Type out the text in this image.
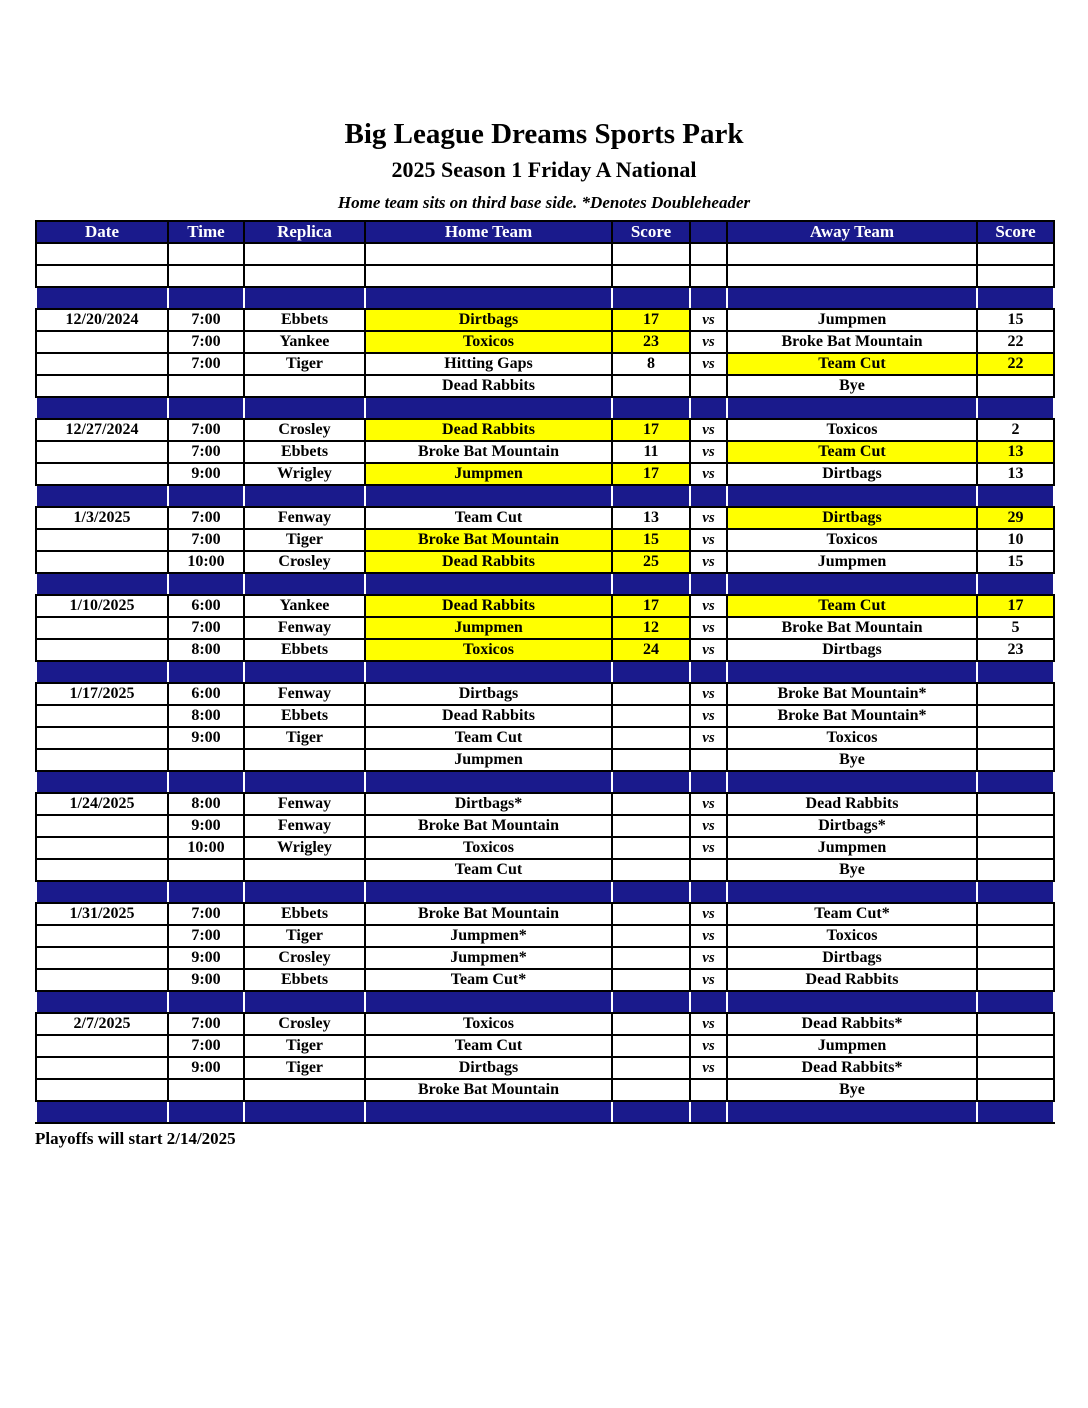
Big League Dreams Sports Park
2025 Season 1 Friday A National
Home team sits on third base side. *Denotes Doubleheader
Date	Time	Replica	Home Team	Score		Away Team	Score

12/20/2024	7:00	Ebbets	Dirtbags	17	vs	Jumpmen	15
	7:00	Yankee	Toxicos	23	vs	Broke Bat Mountain	22
	7:00	Tiger	Hitting Gaps	8	vs	Team Cut	22
			Dead Rabbits			Bye	

12/27/2024	7:00	Crosley	Dead Rabbits	17	vs	Toxicos	2
	7:00	Ebbets	Broke Bat Mountain	11	vs	Team Cut	13
	9:00	Wrigley	Jumpmen	17	vs	Dirtbags	13

1/3/2025	7:00	Fenway	Team Cut	13	vs	Dirtbags	29
	7:00	Tiger	Broke Bat Mountain	15	vs	Toxicos	10
	10:00	Crosley	Dead Rabbits	25	vs	Jumpmen	15

1/10/2025	6:00	Yankee	Dead Rabbits	17	vs	Team Cut	17
	7:00	Fenway	Jumpmen	12	vs	Broke Bat Mountain	5
	8:00	Ebbets	Toxicos	24	vs	Dirtbags	23

1/17/2025	6:00	Fenway	Dirtbags		vs	Broke Bat Mountain*	
	8:00	Ebbets	Dead Rabbits		vs	Broke Bat Mountain*	
	9:00	Tiger	Team Cut		vs	Toxicos	
			Jumpmen			Bye	

1/24/2025	8:00	Fenway	Dirtbags*		vs	Dead Rabbits	
	9:00	Fenway	Broke Bat Mountain		vs	Dirtbags*	
	10:00	Wrigley	Toxicos		vs	Jumpmen	
			Team Cut			Bye	

1/31/2025	7:00	Ebbets	Broke Bat Mountain		vs	Team Cut*	
	7:00	Tiger	Jumpmen*		vs	Toxicos	
	9:00	Crosley	Jumpmen*		vs	Dirtbags	
	9:00	Ebbets	Team Cut*		vs	Dead Rabbits	

2/7/2025	7:00	Crosley	Toxicos		vs	Dead Rabbits*	
	7:00	Tiger	Team Cut		vs	Jumpmen	
	9:00	Tiger	Dirtbags		vs	Dead Rabbits*	
			Broke Bat Mountain			Bye	

Playoffs will start 2/14/2025
